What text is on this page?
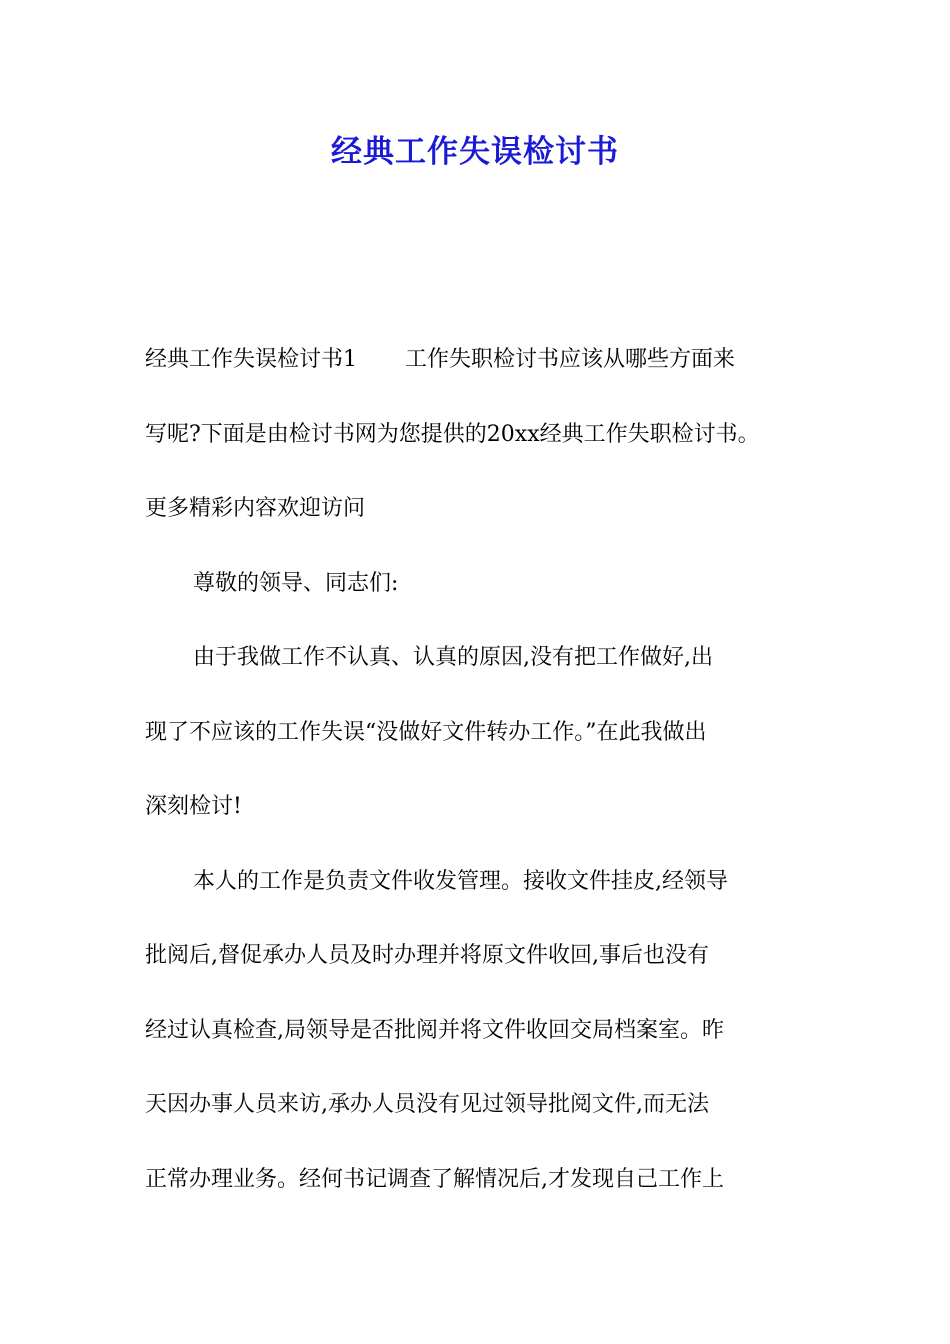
经典工作失误检讨书
经典工作失误检讨书1 工作失职检讨书应该从哪些方面来
写呢?下面是由检讨书网为您提供的20xx经典工作失职检讨书。
更多精彩内容欢迎访问
尊敬的领导、同志们:
由于我做工作不认真、认真的原因,没有把工作做好,出
现了不应该的工作失误“没做好文件转办工作。”在此我做出
深刻检讨!
本人的工作是负责文件收发管理。接收文件挂皮,经领导
批阅后,督促承办人员及时办理并将原文件收回,事后也没有
经过认真检查,局领导是否批阅并将文件收回交局档案室。昨
天因办事人员来访,承办人员没有见过领导批阅文件,而无法
正常办理业务。经何书记调查了解情况后,才发现自己工作上
